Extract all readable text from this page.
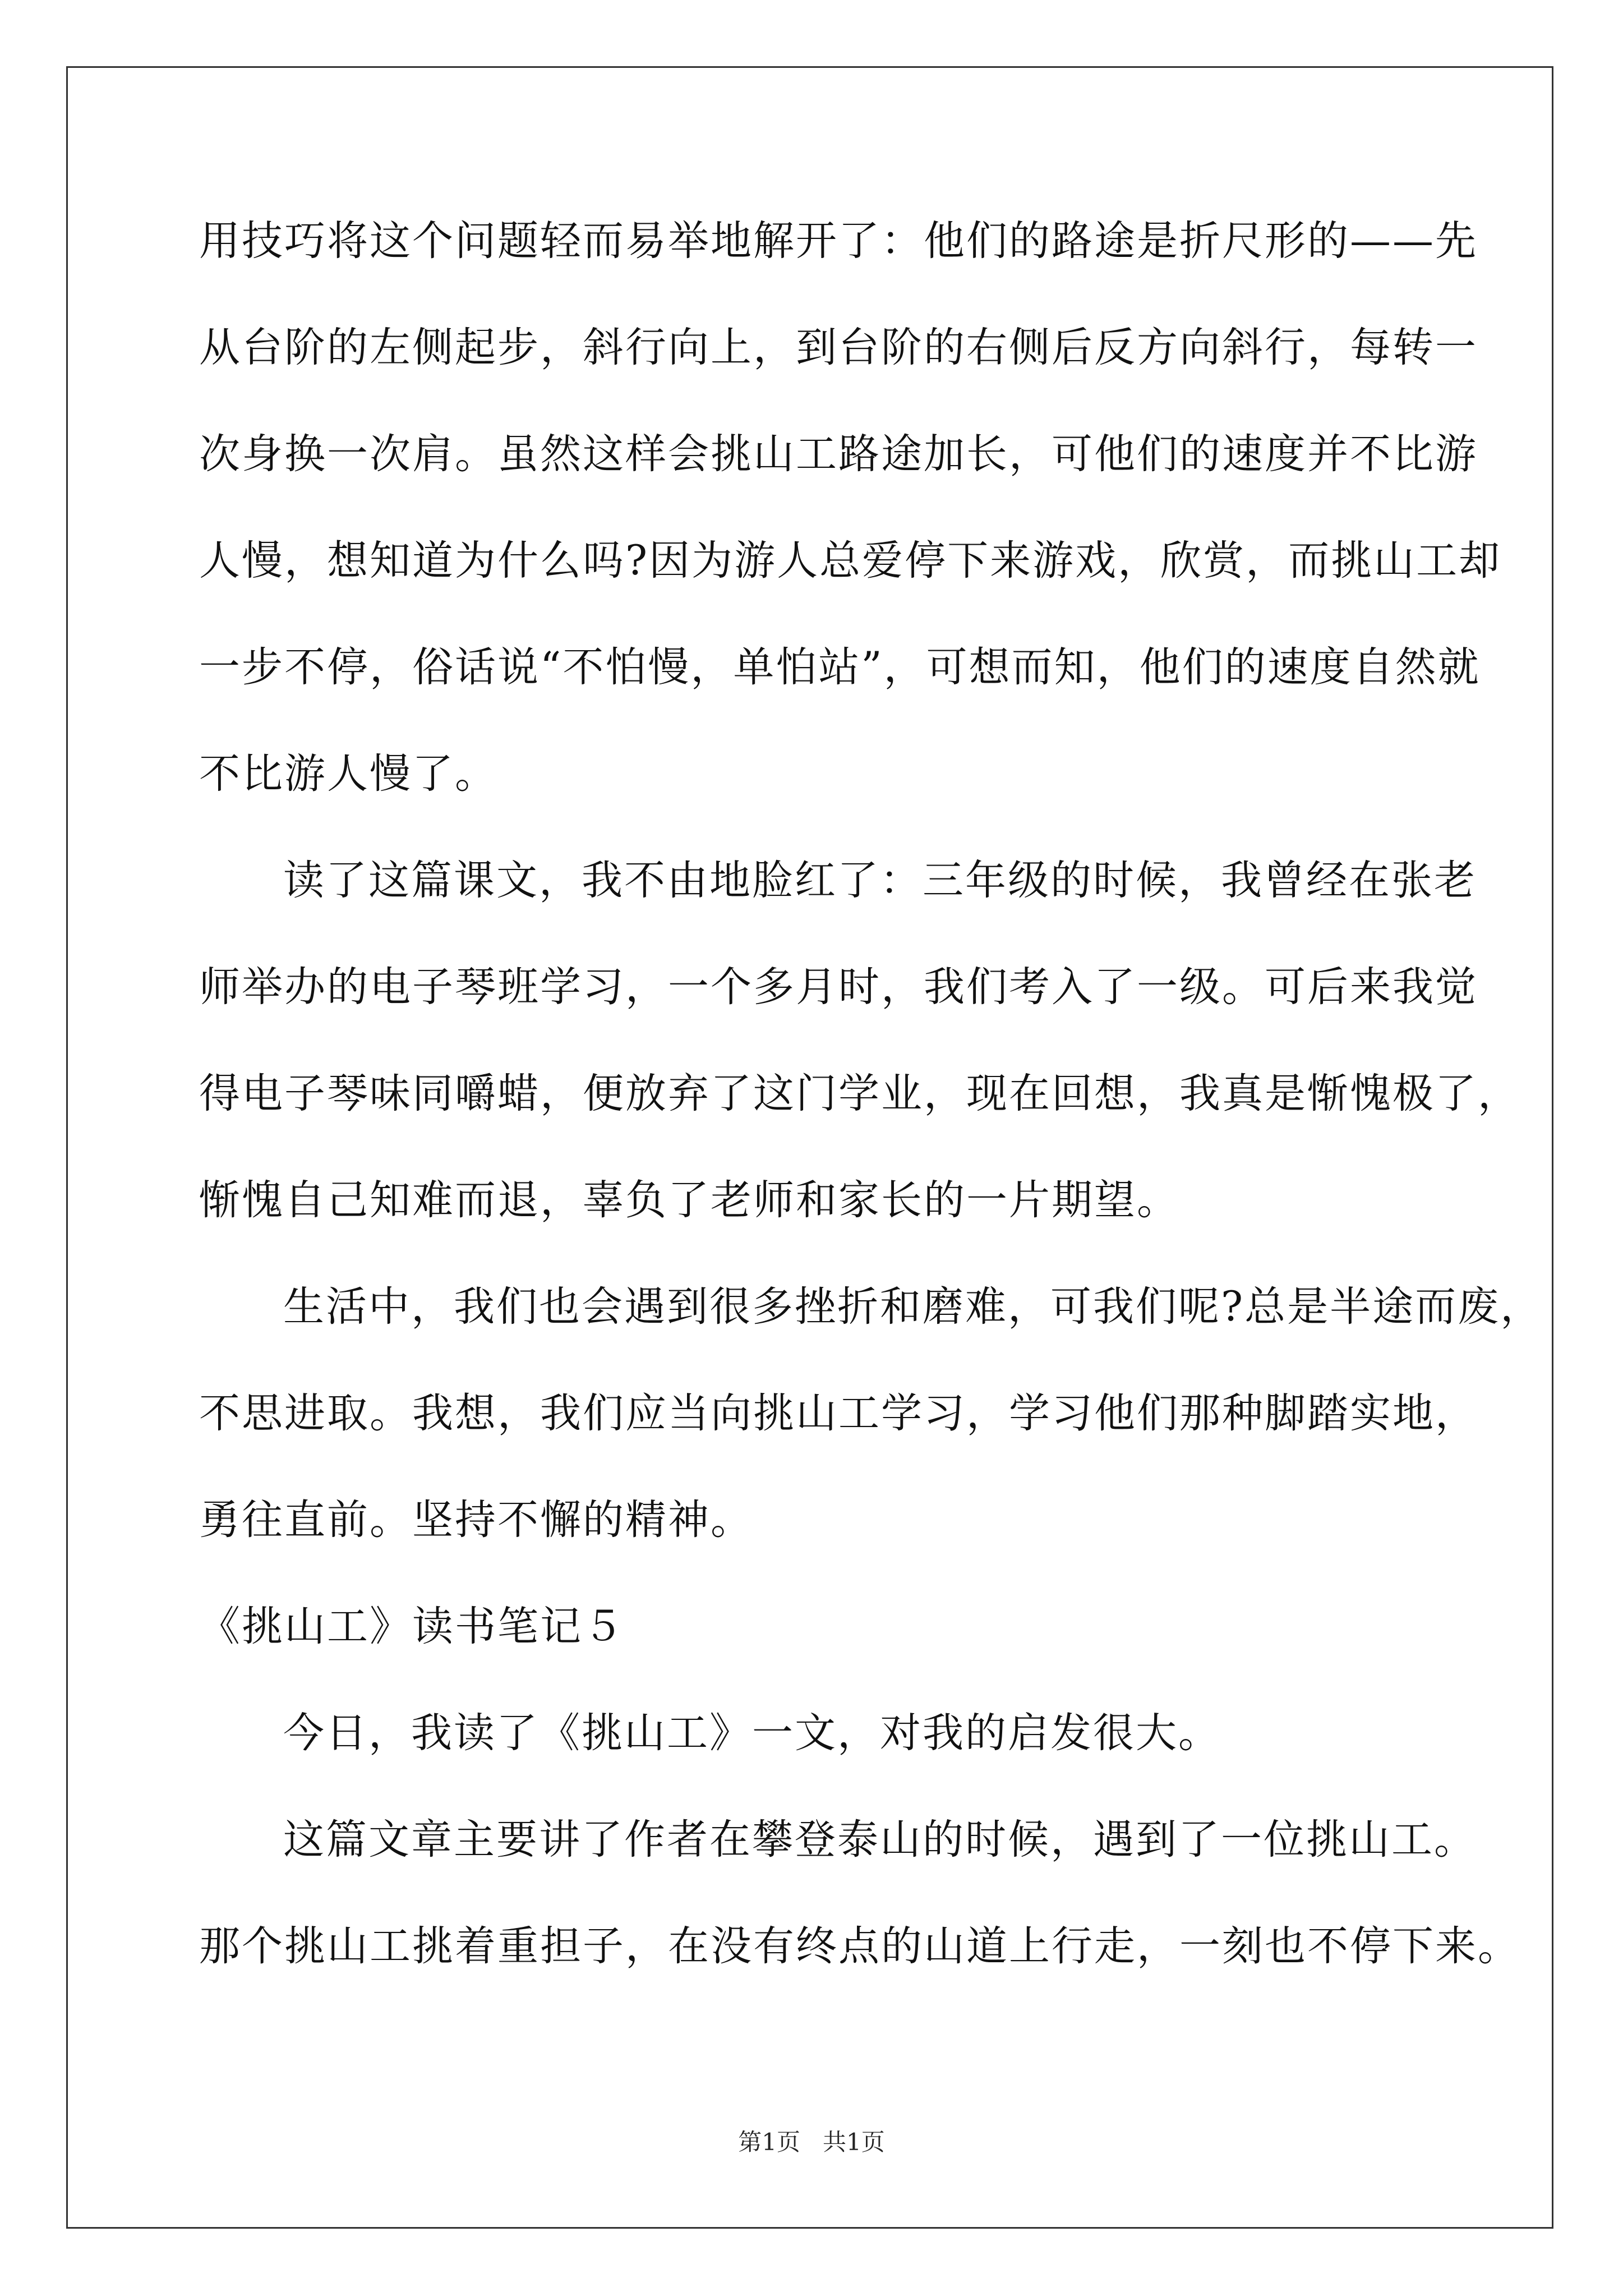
用技巧将这个问题轻而易举地解开了：他们的路途是折尺形的——先
从台阶的左侧起步，斜行向上，到台阶的右侧后反方向斜行，每转一
次身换一次肩。虽然这样会挑山工路途加长，可他们的速度并不比游
人慢，想知道为什么吗?因为游人总爱停下来游戏，欣赏，而挑山工却
一步不停，俗话说“不怕慢，单怕站”，可想而知，他们的速度自然就
不比游人慢了。
读了这篇课文，我不由地脸红了：三年级的时候，我曾经在张老
师举办的电子琴班学习，一个多月时，我们考入了一级。可后来我觉
得电子琴味同嚼蜡，便放弃了这门学业，现在回想，我真是惭愧极了，
惭愧自己知难而退，辜负了老师和家长的一片期望。
生活中，我们也会遇到很多挫折和磨难，可我们呢?总是半途而废，
不思进取。我想，我们应当向挑山工学习，学习他们那种脚踏实地，
勇往直前。坚持不懈的精神。
《挑山工》读书笔记５
今日，我读了《挑山工》一文，对我的启发很大。
这篇文章主要讲了作者在攀登泰山的时候，遇到了一位挑山工。
那个挑山工挑着重担子，在没有终点的山道上行走，一刻也不停下来。
第1页   共1页
